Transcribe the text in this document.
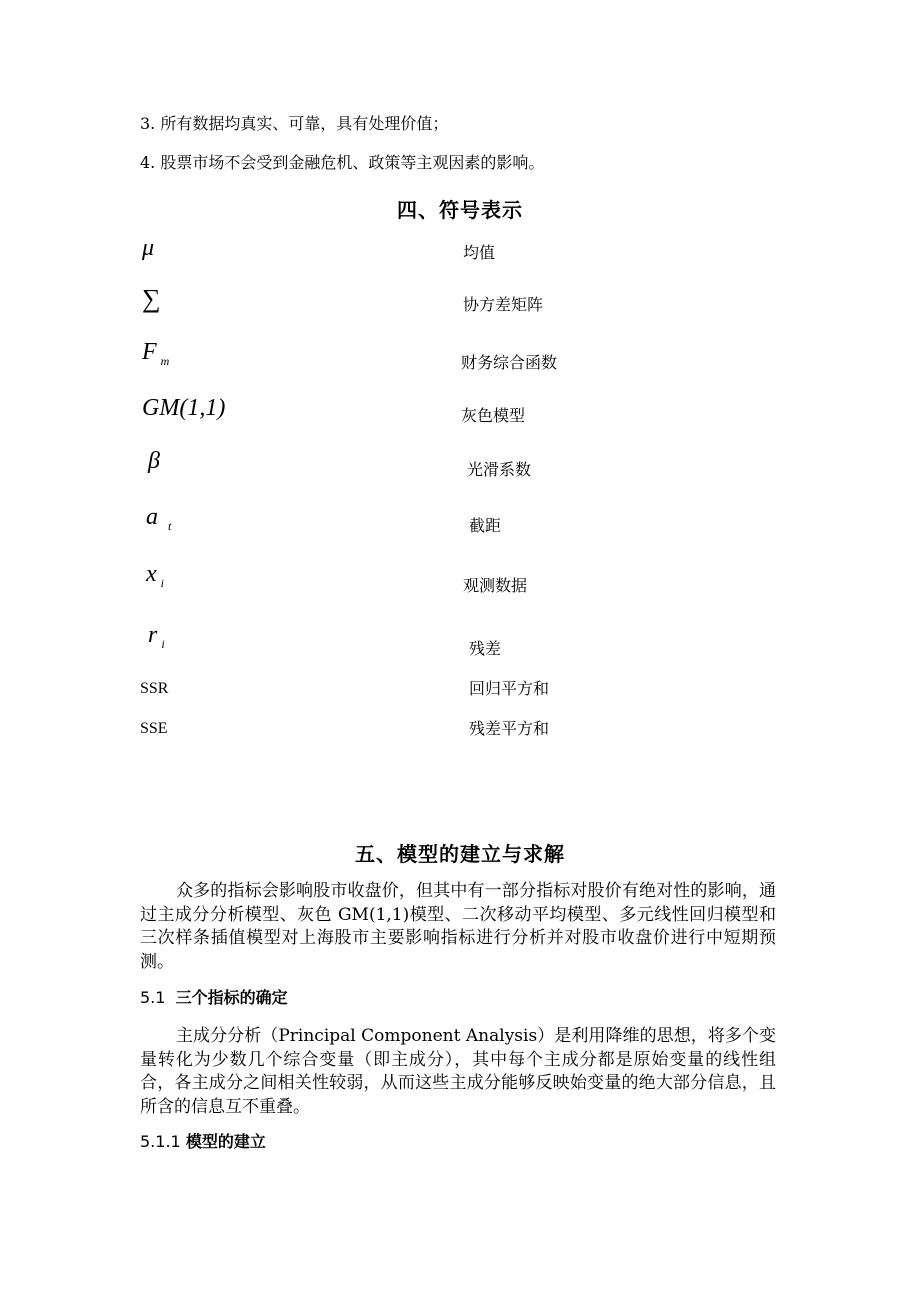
3. 所有数据均真实、可靠，具有处理价值；
4. 股票市场不会受到金融危机、政策等主观因素的影响。
四、符号表示
μ	均值
∑	协方差矩阵
F $_m$	财务综合函数
GM(1,1)	灰色模型
β	光滑系数
a $_t$	截距
x $_i$	观测数据
r $_i$	残差
SSR	回归平方和
SSE	残差平方和
五、模型的建立与求解
众多的指标会影响股市收盘价，但其中有一部分指标对股价有绝对性的影响，通过主成分分析模型、灰色 GM(1,1)模型、二次移动平均模型、多元线性回归模型和三次样条插值模型对上海股市主要影响指标进行分析并对股市收盘价进行中短期预测。
5.1 三个指标的确定
主成分分析（Principal Component Analysis）是利用降维的思想，将多个变量转化为少数几个综合变量（即主成分），其中每个主成分都是原始变量的线性组合，各主成分之间相关性较弱，从而这些主成分能够反映始变量的绝大部分信息，且所含的信息互不重叠。
5.1.1 模型的建立
